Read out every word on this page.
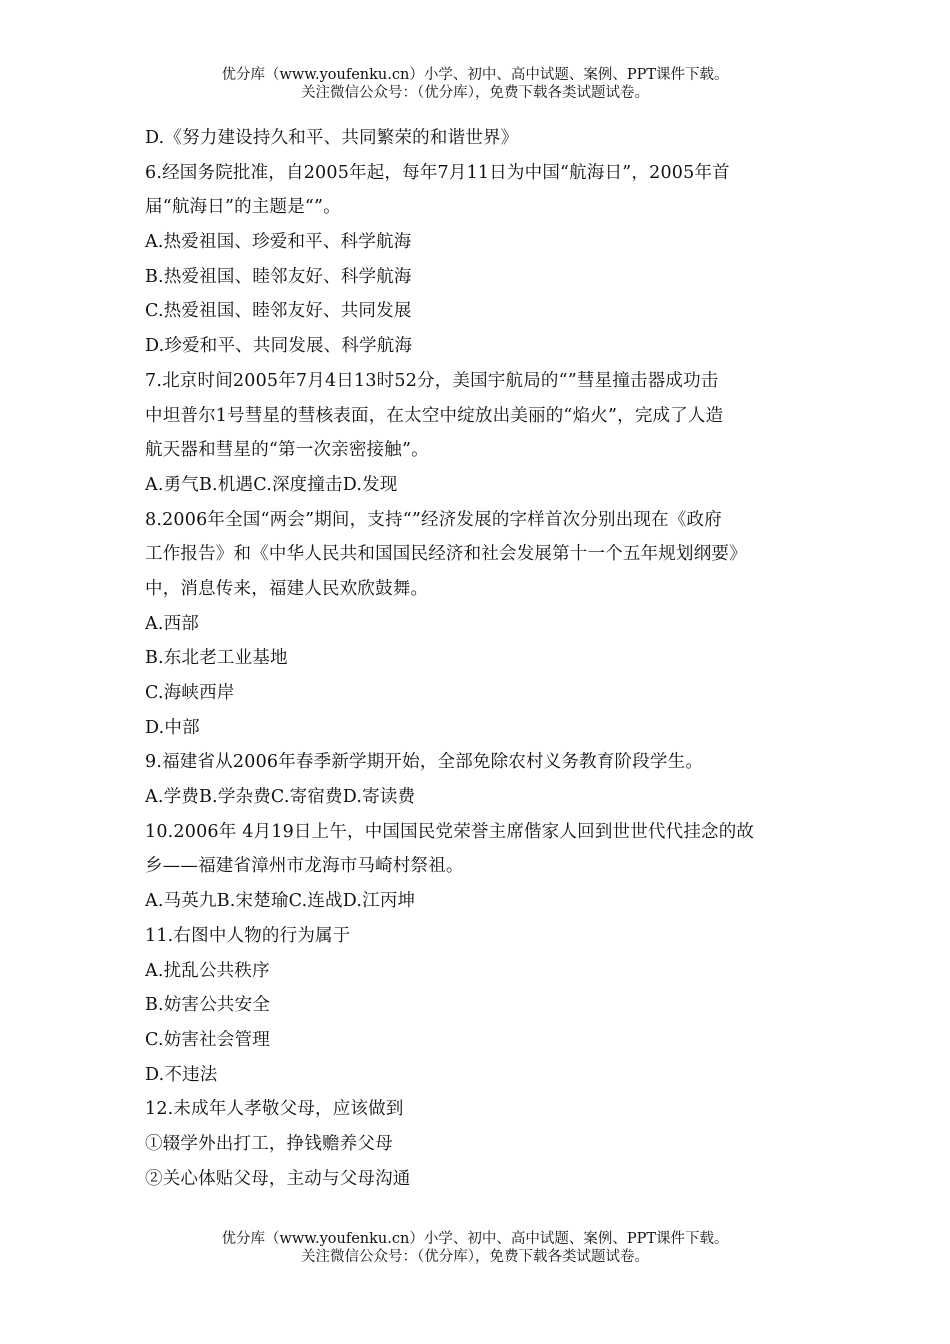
优分库（www.youfenku.cn）小学、初中、高中试题、案例、PPT课件下载。
关注微信公众号：（优分库），免费下载各类试题试卷。
D.《努力建设持久和平、共同繁荣的和谐世界》
6.经国务院批准，自2005年起，每年7月11日为中国“航海日”，2005年首
届“航海日”的主题是“”。
A.热爱祖国、珍爱和平、科学航海
B.热爱祖国、睦邻友好、科学航海
C.热爱祖国、睦邻友好、共同发展
D.珍爱和平、共同发展、科学航海
7.北京时间2005年7月4日13时52分，美国宇航局的“”彗星撞击器成功击
中坦普尔1号彗星的彗核表面，在太空中绽放出美丽的“焰火”，完成了人造
航天器和彗星的“第一次亲密接触”。
A.勇气B.机遇C.深度撞击D.发现
8.2006年全国“两会”期间，支持“”经济发展的字样首次分别出现在《政府
工作报告》和《中华人民共和国国民经济和社会发展第十一个五年规划纲要》
中，消息传来，福建人民欢欣鼓舞。
A.西部
B.东北老工业基地
C.海峡西岸
D.中部
9.福建省从2006年春季新学期开始，全部免除农村义务教育阶段学生。
A.学费B.学杂费C.寄宿费D.寄读费
10.2006年 4月19日上午，中国国民党荣誉主席偕家人回到世世代代挂念的故
乡——福建省漳州市龙海市马崎村祭祖。
A.马英九B.宋楚瑜C.连战D.江丙坤
11.右图中人物的行为属于
A.扰乱公共秩序
B.妨害公共安全
C.妨害社会管理
D.不违法
12.未成年人孝敬父母，应该做到
①辍学外出打工，挣钱赡养父母
②关心体贴父母，主动与父母沟通
优分库（www.youfenku.cn）小学、初中、高中试题、案例、PPT课件下载。
关注微信公众号：（优分库），免费下载各类试题试卷。
